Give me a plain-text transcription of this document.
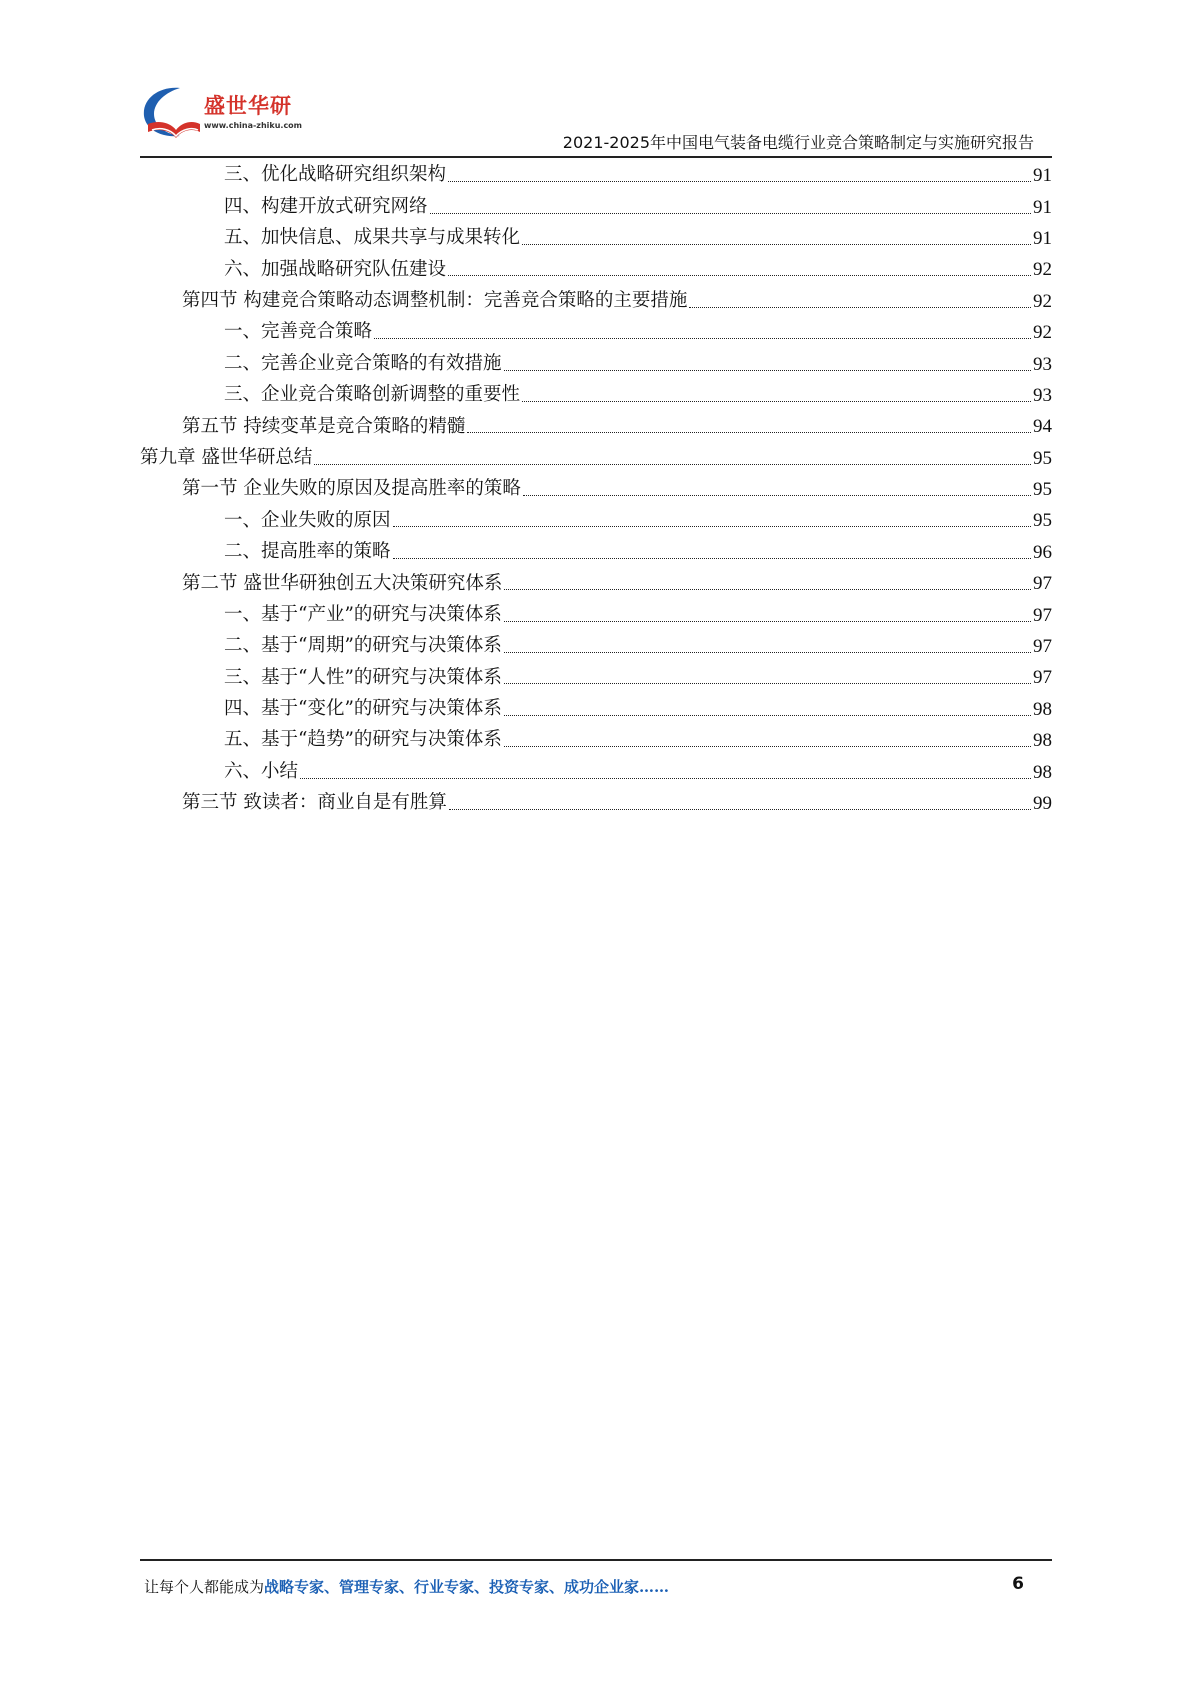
盛世华研
www.china-zhiku.com
2021-2025年中国电气装备电缆行业竞合策略制定与实施研究报告
三、优化战略研究组织架构	91
四、构建开放式研究网络	91
五、加快信息、成果共享与成果转化	91
六、加强战略研究队伍建设	92
第四节 构建竞合策略动态调整机制：完善竞合策略的主要措施	92
一、完善竞合策略	92
二、完善企业竞合策略的有效措施	93
三、企业竞合策略创新调整的重要性	93
第五节 持续变革是竞合策略的精髓	94
第九章 盛世华研总结	95
第一节 企业失败的原因及提高胜率的策略	95
一、企业失败的原因	95
二、提高胜率的策略	96
第二节 盛世华研独创五大决策研究体系	97
一、基于“产业”的研究与决策体系	97
二、基于“周期”的研究与决策体系	97
三、基于“人性”的研究与决策体系	97
四、基于“变化”的研究与决策体系	98
五、基于“趋势”的研究与决策体系	98
六、小结	98
第三节 致读者：商业自是有胜算	99
让每个人都能成为战略专家、管理专家、行业专家、投资专家、成功企业家……	6
